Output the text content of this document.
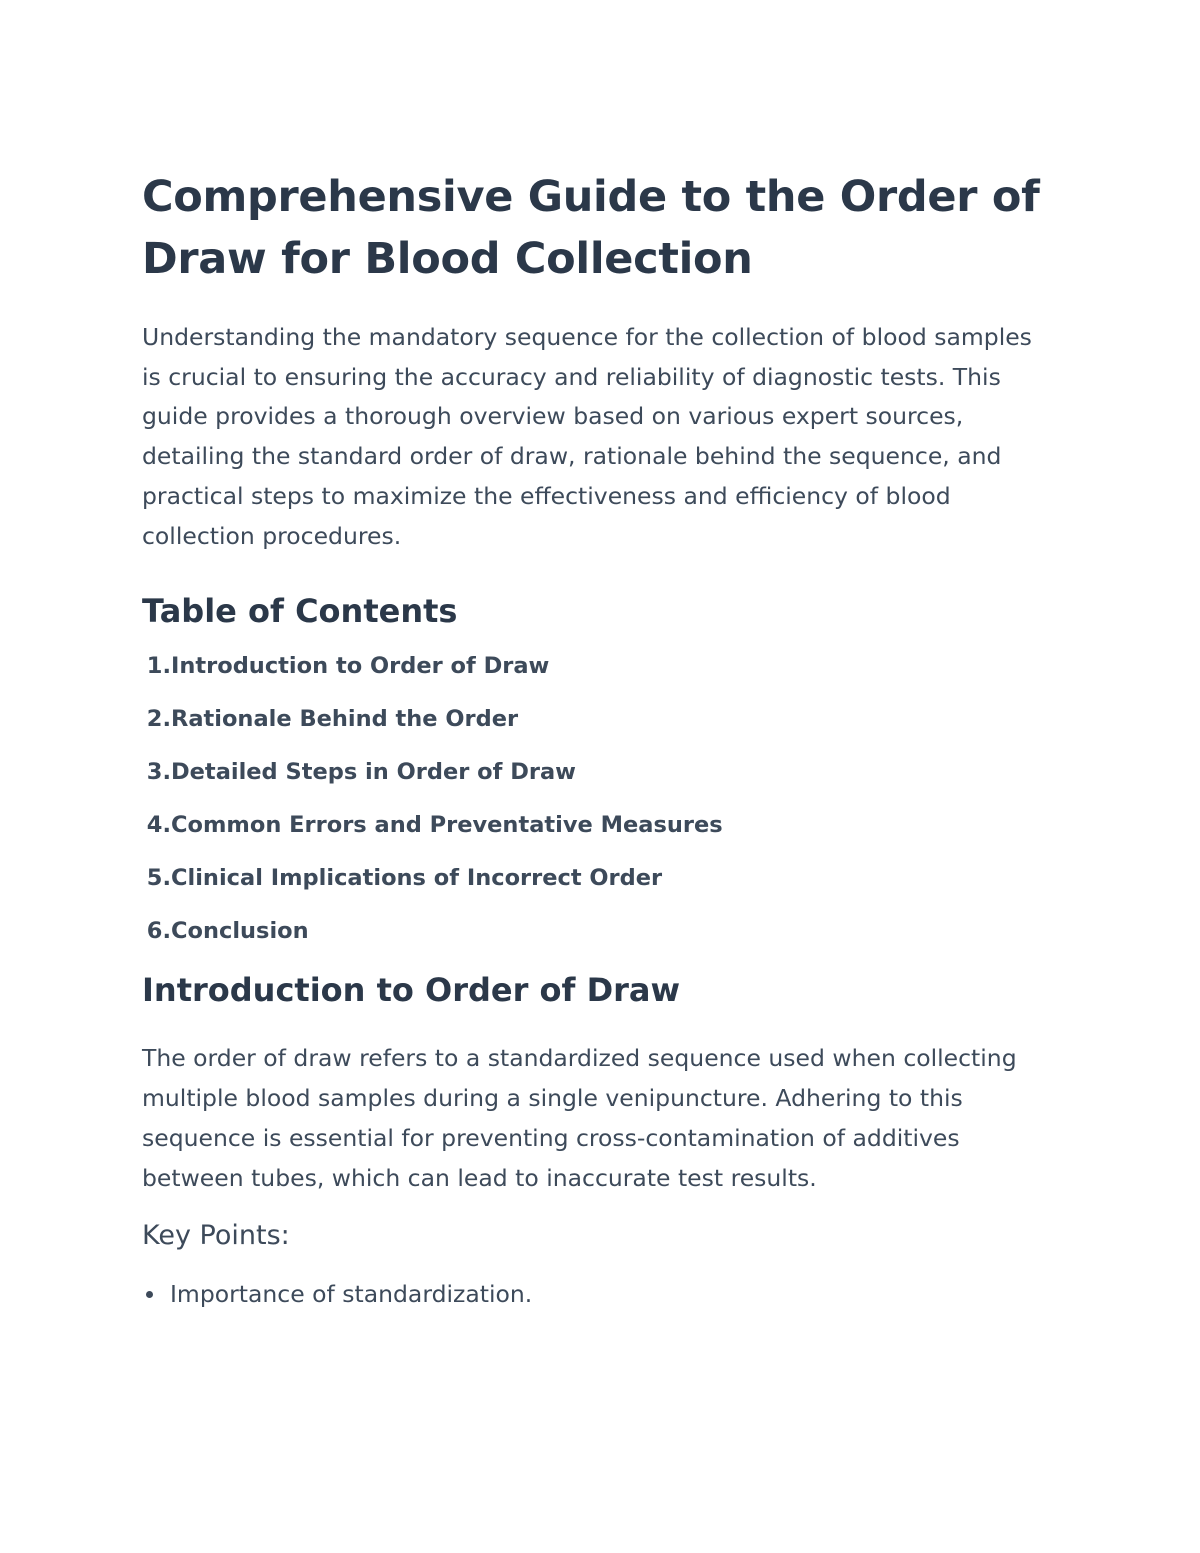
Comprehensive Guide to the Order of Draw for Blood Collection

Understanding the mandatory sequence for the collection of blood samples is crucial to ensuring the accuracy and reliability of diagnostic tests. This guide provides a thorough overview based on various expert sources, detailing the standard order of draw, rationale behind the sequence, and practical steps to maximize the effectiveness and efficiency of blood collection procedures.

Table of Contents
1. Introduction to Order of Draw
2. Rationale Behind the Order
3. Detailed Steps in Order of Draw
4. Common Errors and Preventative Measures
5. Clinical Implications of Incorrect Order
6. Conclusion
Introduction to Order of Draw

The order of draw refers to a standardized sequence used when collecting multiple blood samples during a single venipuncture. Adhering to this sequence is essential for preventing cross-contamination of additives between tubes, which can lead to inaccurate test results.

Key Points:
Importance of standardization.
